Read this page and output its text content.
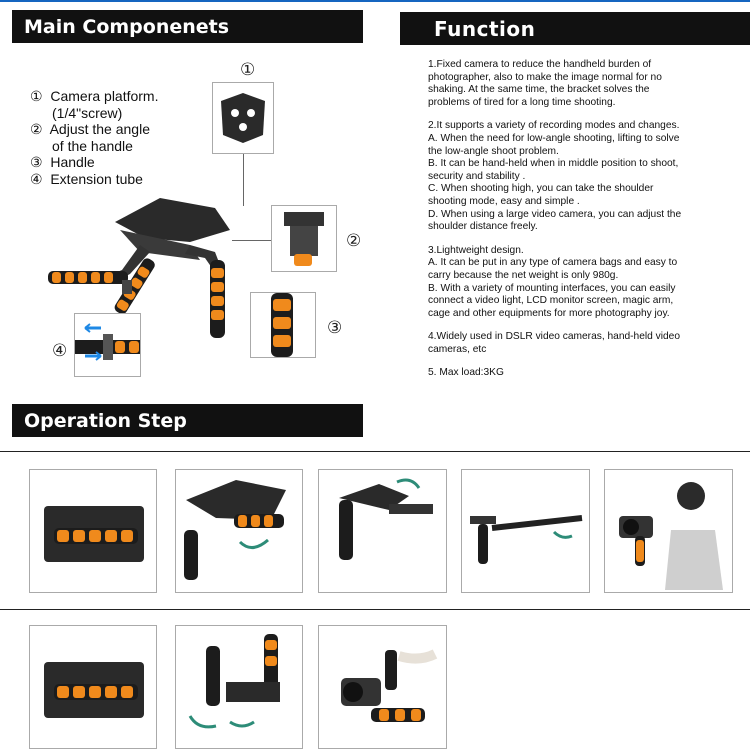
Main Componenets	Function
Operation Step
① Camera platform.
(1/4"screw)
② Adjust the angle
of the handle
③ Handle
④ Extension tube
①
②
③
④

1.Fixed camera to reduce the handheld burden of
photographer, also to make the image normal for no
shaking. At the same time, the bracket solves the
problems of tired for a long time shooting.

2.It supports a variety of recording modes and changes.
A. When the need for low-angle shooting, lifting to solve
the low-angle shoot problem.
B. It can be hand-held when in middle position to shoot,
security and stability .
C. When shooting high, you can take the shoulder
shooting mode, easy and simple .
D. When using a large video camera, you can adjust the
shoulder distance freely.

3.Lightweight design.
A. It can be put in any type of camera bags and easy to
carry because the net weight is only 980g.
B. With a variety of mounting interfaces, you can easily
connect a video light, LCD monitor screen, magic arm,
cage and other equipments for more photography joy.

4.Widely used in DSLR video cameras, hand-held video
cameras, etc

5. Max load:3KG
